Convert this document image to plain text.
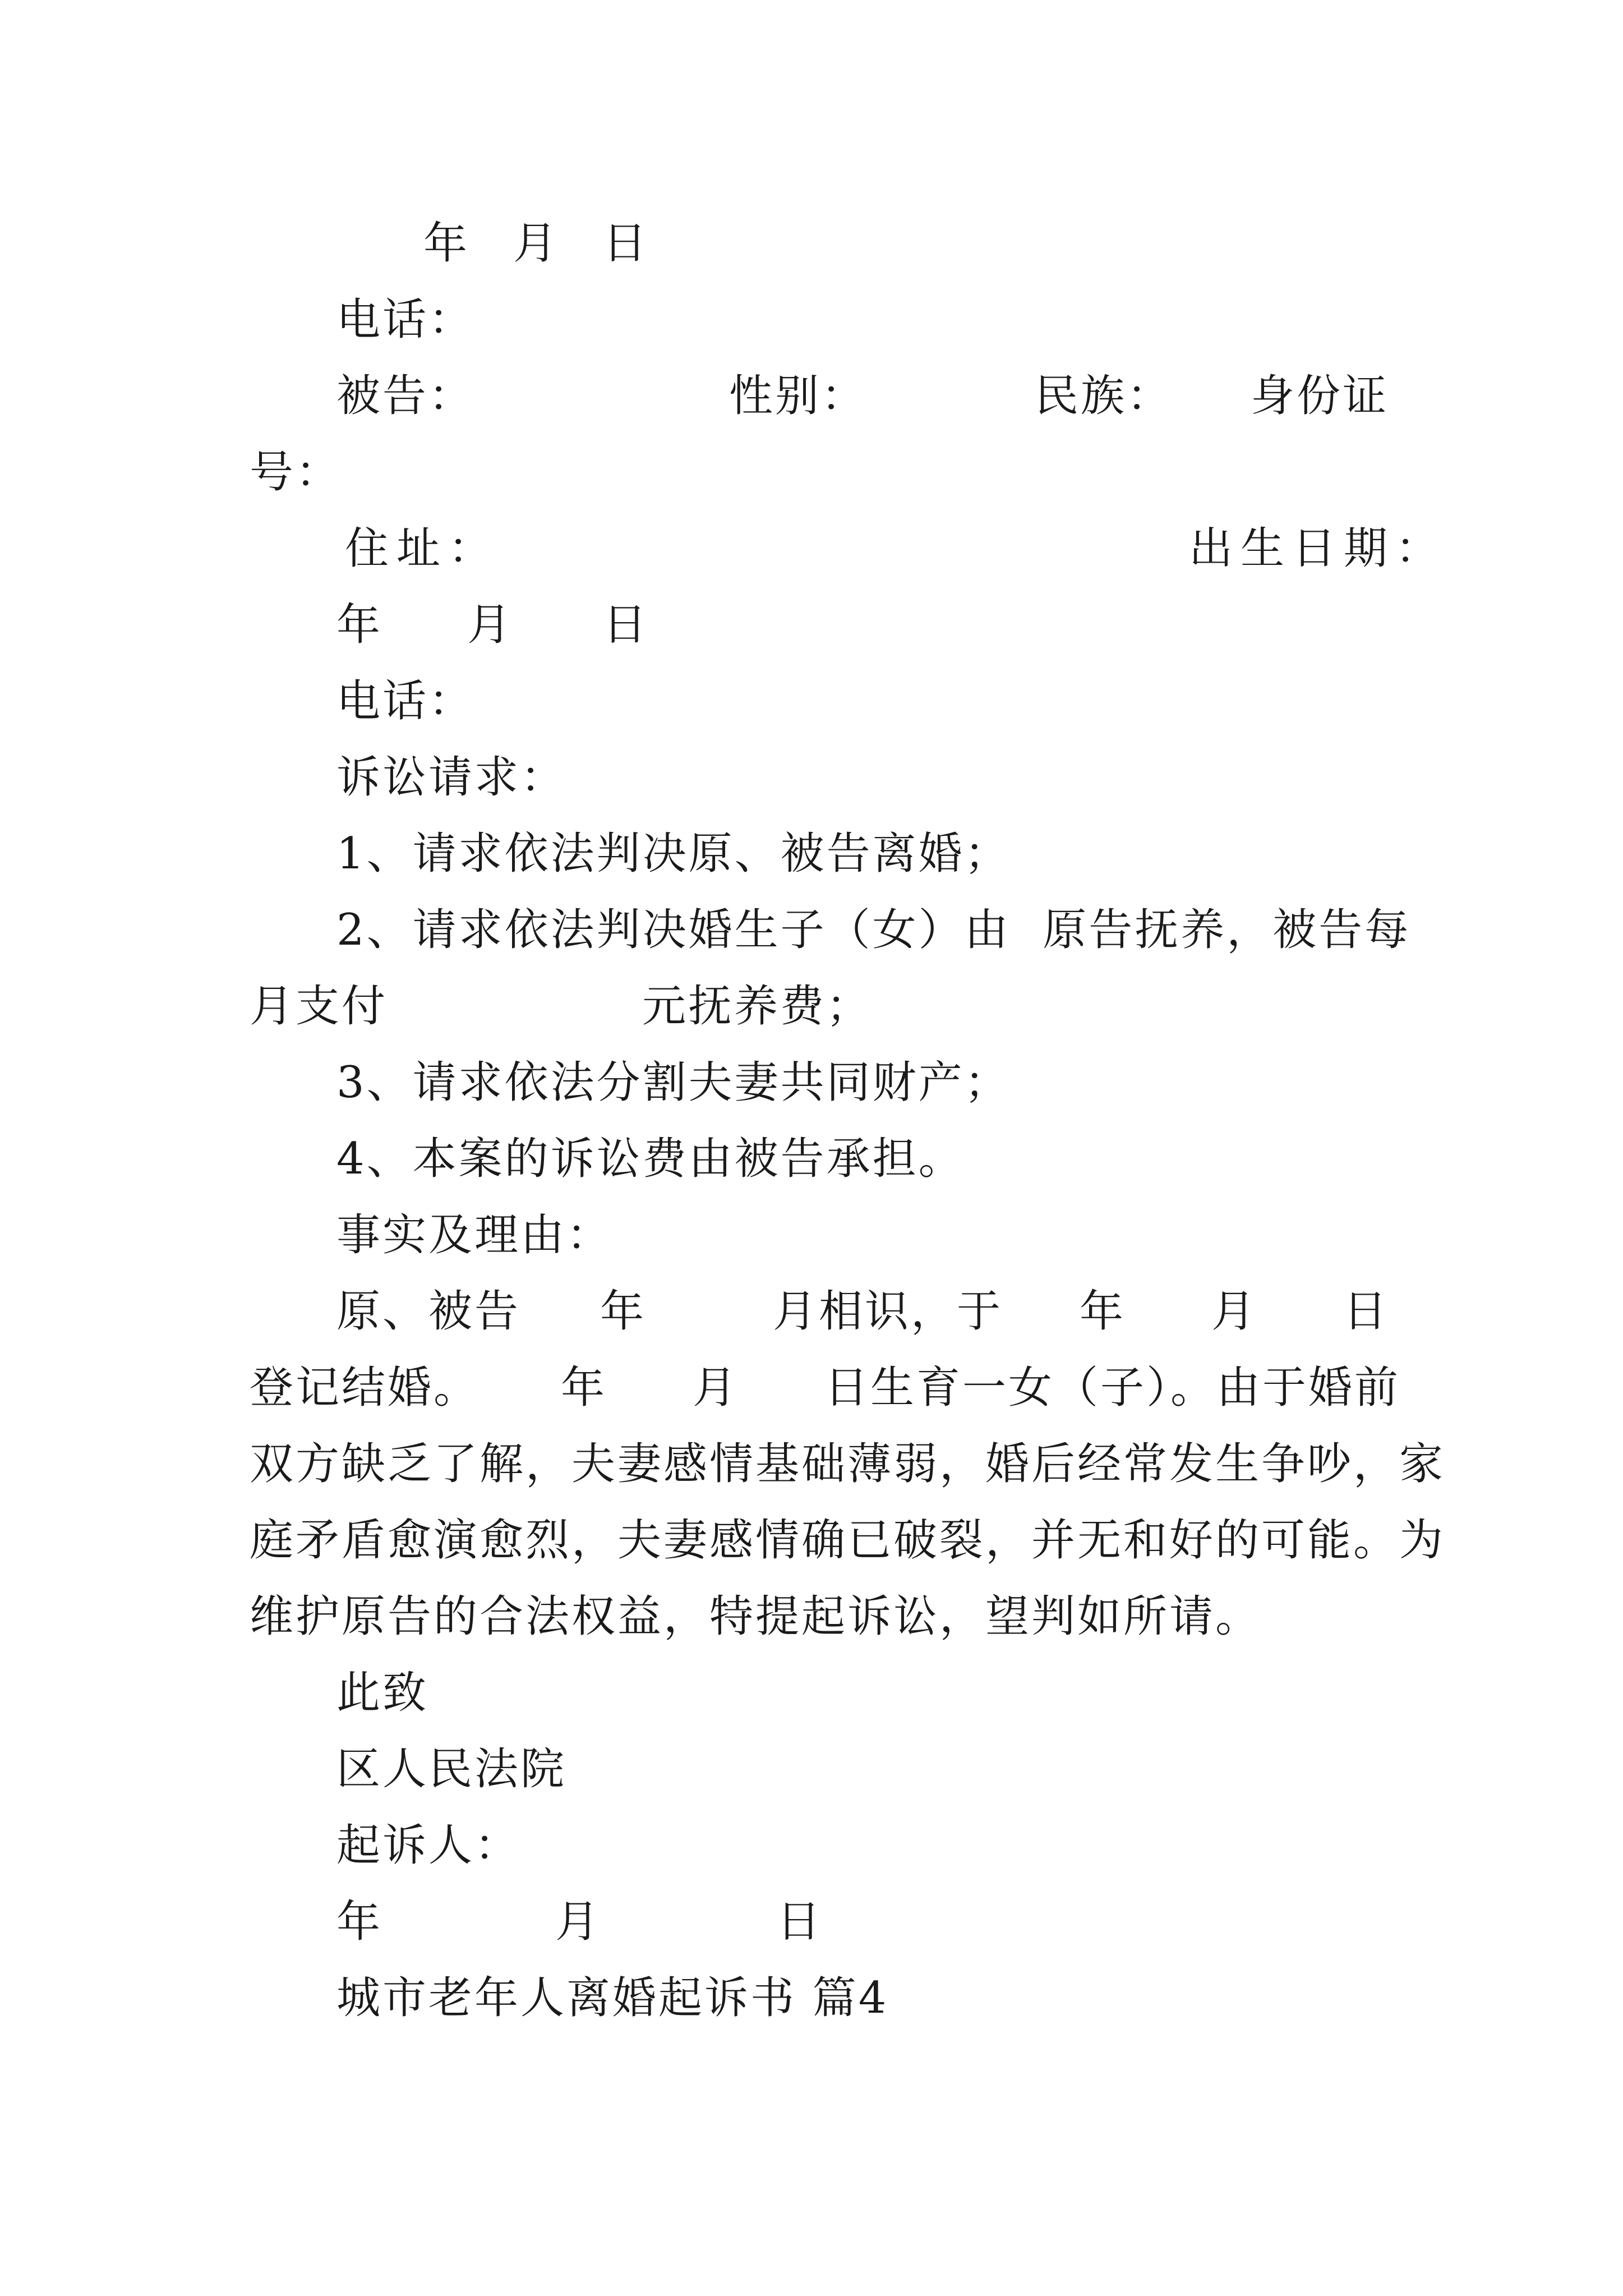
年 月 日
电话：
被告：	性别：	民族： 身份证
号：
住址：	出生日期：
年 月 日
电话：
诉讼请求：
1、请求依法判决原、被告离婚；
2、请求依法判决婚生子（女）由  原告抚养，被告每
月支付	元抚养费；
3、请求依法分割夫妻共同财产；
4、本案的诉讼费由被告承担。
事实及理由：
原、被告 年	月相识，于 年 月 日
登记结婚。 年 月 日生育一女（子）。由于婚前
双方缺乏了解，夫妻感情基础薄弱，婚后经常发生争吵，家
庭矛盾愈演愈烈，夫妻感情确已破裂，并无和好的可能。为
维护原告的合法权益，特提起诉讼，望判如所请。
此致
区人民法院
起诉人：
年	月	日
城市老年人离婚起诉书 篇4
